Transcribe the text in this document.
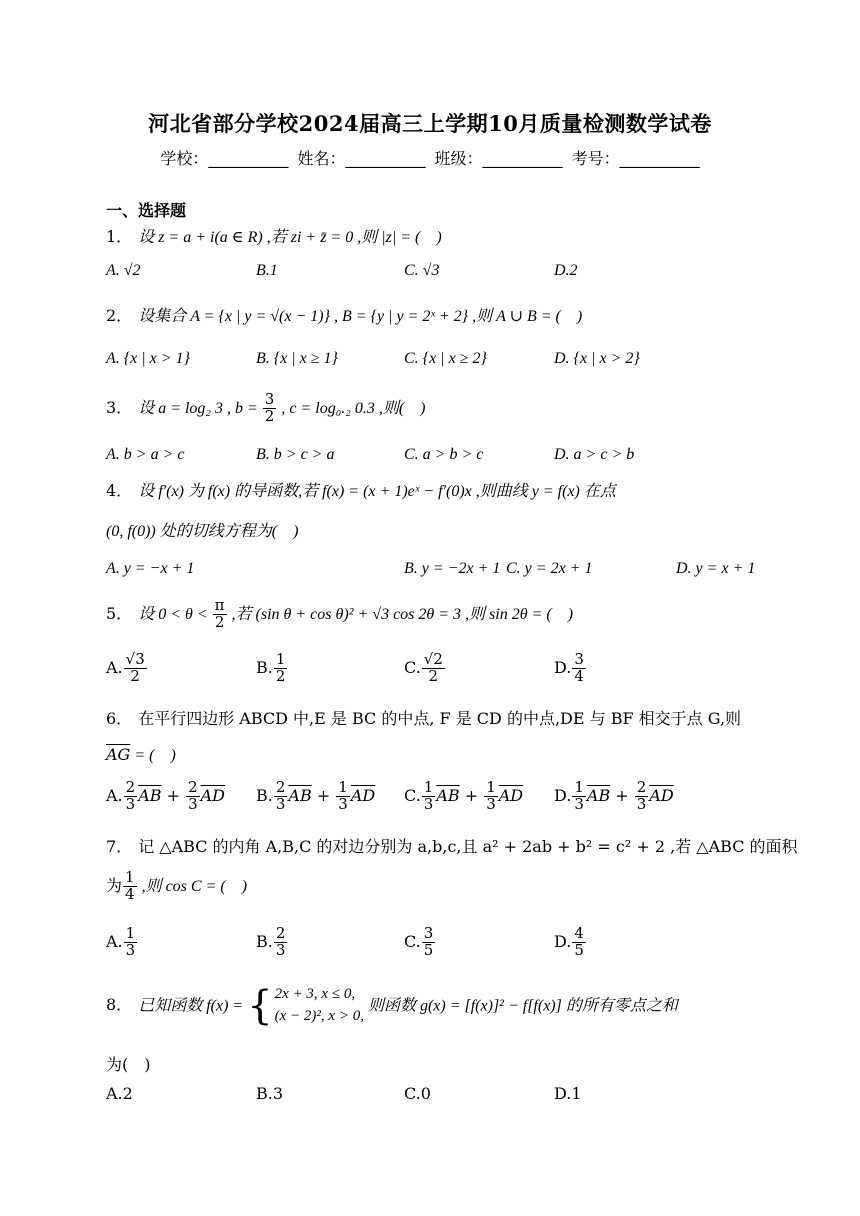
河北省部分学校2024届高三上学期10月质量检测数学试卷
学校：__________ 姓名：__________ 班级：__________ 考号：__________
一、选择题
1． 设 z = a + i(a ∈ R) ,若 zi + z̄ = 0 ,则 |z| = (　)
A. √2	B.1	C. √3	D.2
2． 设集合 A = {x | y = √(x − 1)} , B = {y | y = 2ˣ + 2} ,则 A ∪ B = (　)
A. {x | x > 1}	B. {x | x ≥ 1}	C. {x | x ≥ 2}	D. {x | x > 2}
3． 设 a = log₂ 3 , $b = \frac{3}{2}$ , c = log₀.₂ 0.3 ,则(　)
A. b > a > c	B. b > c > a	C. a > b > c	D. a > c > b
4． 设 f′(x) 为 f(x) 的导函数,若 f(x) = (x + 1)eˣ − f′(0)x ,则曲线 y = f(x) 在点
(0, f(0)) 处的切线方程为(　)
A. y = −x + 1	B. y = −2x + 1 C. y = 2x + 1	D. y = x + 1
5． 设 $0 < \theta < \frac{\pi}{2}$ ,若 (sin θ + cos θ)² + √3 cos 2θ = 3 ,则 sin 2θ = (　)
A. $\frac{√3}{2}$	B. $\frac{1}{2}$	C. $\frac{√2}{2}$	D. $\frac{3}{4}$
6． 在平行四边形 ABCD 中,E 是 BC 的中点, F 是 CD 的中点,DE 与 BF 相交于点 G,则
$\overline{AG}$ = (　)
A. $\frac{2}{3} \overline{AB} + \frac{2}{3} \overline{AD}$ B. $\frac{2}{3} \overline{AB} + \frac{1}{3} \overline{AD}$ C. $\frac{1}{3} \overline{AB} + \frac{1}{3} \overline{AD}$ D. $\frac{1}{3} \overline{AB} + \frac{2}{3} \overline{AD}$
7． 记 △ABC 的内角 A,B,C 的对边分别为 a,b,c,且 a² + 2ab + b² = c² + 2 ,若 △ABC 的面积
为 $\frac{1}{4}$ ,则 cos C = (　)
A. $\frac{1}{3}$	B. $\frac{2}{3}$	C. $\frac{3}{5}$	D. $\frac{4}{5}$
8． 已知函数 f(x) = { 2x + 3, x ≤ 0,
(x − 2)², x > 0,
则函数 g(x) = [f(x)]² − f[f(x)] 的所有零点之和
为(　)
A.2	B.3	C.0	D.1
